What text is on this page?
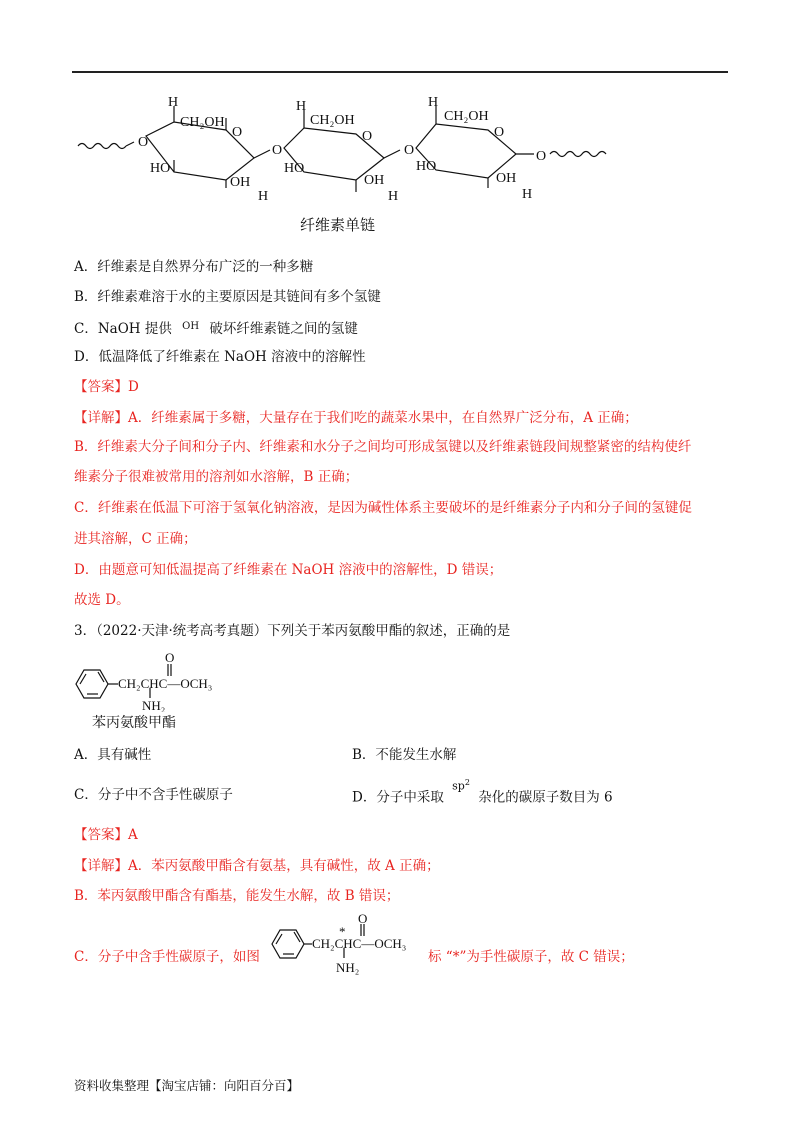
O
H
CH₂OH
O
HO
OH
H
O
H
CH₂OH
O
HO
OH
H
O
H
CH₂OH
O
HO
OH
H
O
纤维素单链
A．纤维素是自然界分布广泛的一种多糖
B．纤维素难溶于水的主要原因是其链间有多个氢键
C．NaOH 提供 $^{OH}$ 破坏纤维素链之间的氢键
D．低温降低了纤维素在 NaOH 溶液中的溶解性
【答案】D
【详解】A．纤维素属于多糖，大量存在于我们吃的蔬菜水果中，在自然界广泛分布，A 正确；
B．纤维素大分子间和分子内、纤维素和水分子之间均可形成氢键以及纤维素链段间规整紧密的结构使纤
维素分子很难被常用的溶剂如水溶解，B 正确；
C．纤维素在低温下可溶于氢氧化钠溶液，是因为碱性体系主要破坏的是纤维素分子内和分子间的氢键促
进其溶解，C 正确；
D．由题意可知低温提高了纤维素在 NaOH 溶液中的溶解性，D 错误；
故选 D。
3．（2022·天津·统考高考真题）下列关于苯丙氨酸甲酯的叙述，正确的是
O
CH₂CHC—OCH₃
NH₂
苯丙氨酸甲酯
A．具有碱性	B．不能发生水解
C．分子中不含手性碳原子	D．分子中采取 $sp^2$ 杂化的碳原子数目为 6
【答案】A
【详解】A．苯丙氨酸甲酯含有氨基，具有碱性，故 A 正确；
B．苯丙氨酸甲酯含有酯基，能发生水解，故 B 错误；
C．分子中含手性碳原子，如图
O
*
CH₂CHC—OCH₃
NH₂
标 “*”为手性碳原子，故 C 错误；
资料收集整理【淘宝店铺：向阳百分百】
